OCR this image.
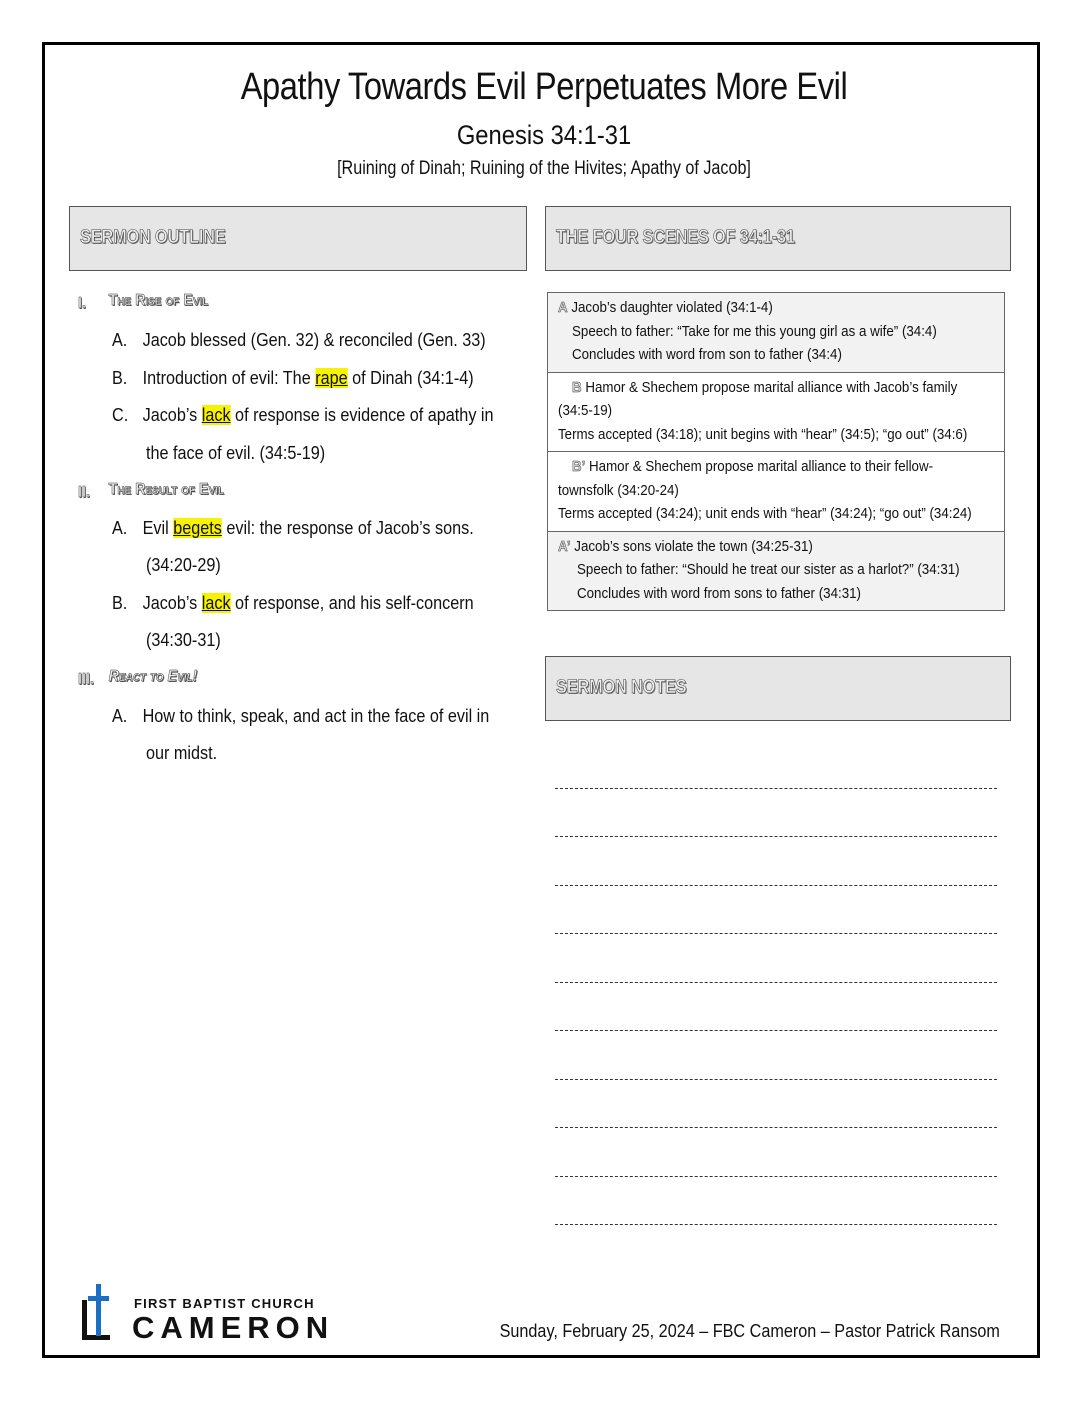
Apathy Towards Evil Perpetuates More Evil
Genesis 34:1-31
[Ruining of Dinah; Ruining of the Hivites; Apathy of Jacob]
SERMON OUTLINE	THE FOUR SCENES OF 34:1-31
SERMON NOTES
I. The Rise of Evil
A. Jacob blessed (Gen. 32) & reconciled (Gen. 33)
B. Introduction of evil: The rape of Dinah (34:1-4)
C. Jacob’s lack of response is evidence of apathy in
the face of evil. (34:5-19)
II. The Result of Evil
A. Evil begets evil: the response of Jacob’s sons.
(34:20-29)
B. Jacob’s lack of response, and his self-concern
(34:30-31)
III. React to Evil!
A. How to think, speak, and act in the face of evil in
our midst.
A Jacob’s daughter violated (34:1-4)
Speech to father: “Take for me this young girl as a wife” (34:4)
Concludes with word from son to father (34:4)
B Hamor & Shechem propose marital alliance with Jacob’s family
(34:5-19)
Terms accepted (34:18); unit begins with “hear” (34:5); “go out” (34:6)
B’ Hamor & Shechem propose marital alliance to their fellow-
townsfolk (34:20-24)
Terms accepted (34:24); unit ends with “hear” (34:24); “go out” (34:24)
A’ Jacob’s sons violate the town (34:25-31)
Speech to father: “Should he treat our sister as a harlot?” (34:31)
Concludes with word from sons to father (34:31)
FIRST BAPTIST CHURCH
CAMERON	Sunday, February 25, 2024 – FBC Cameron – Pastor Patrick Ransom
